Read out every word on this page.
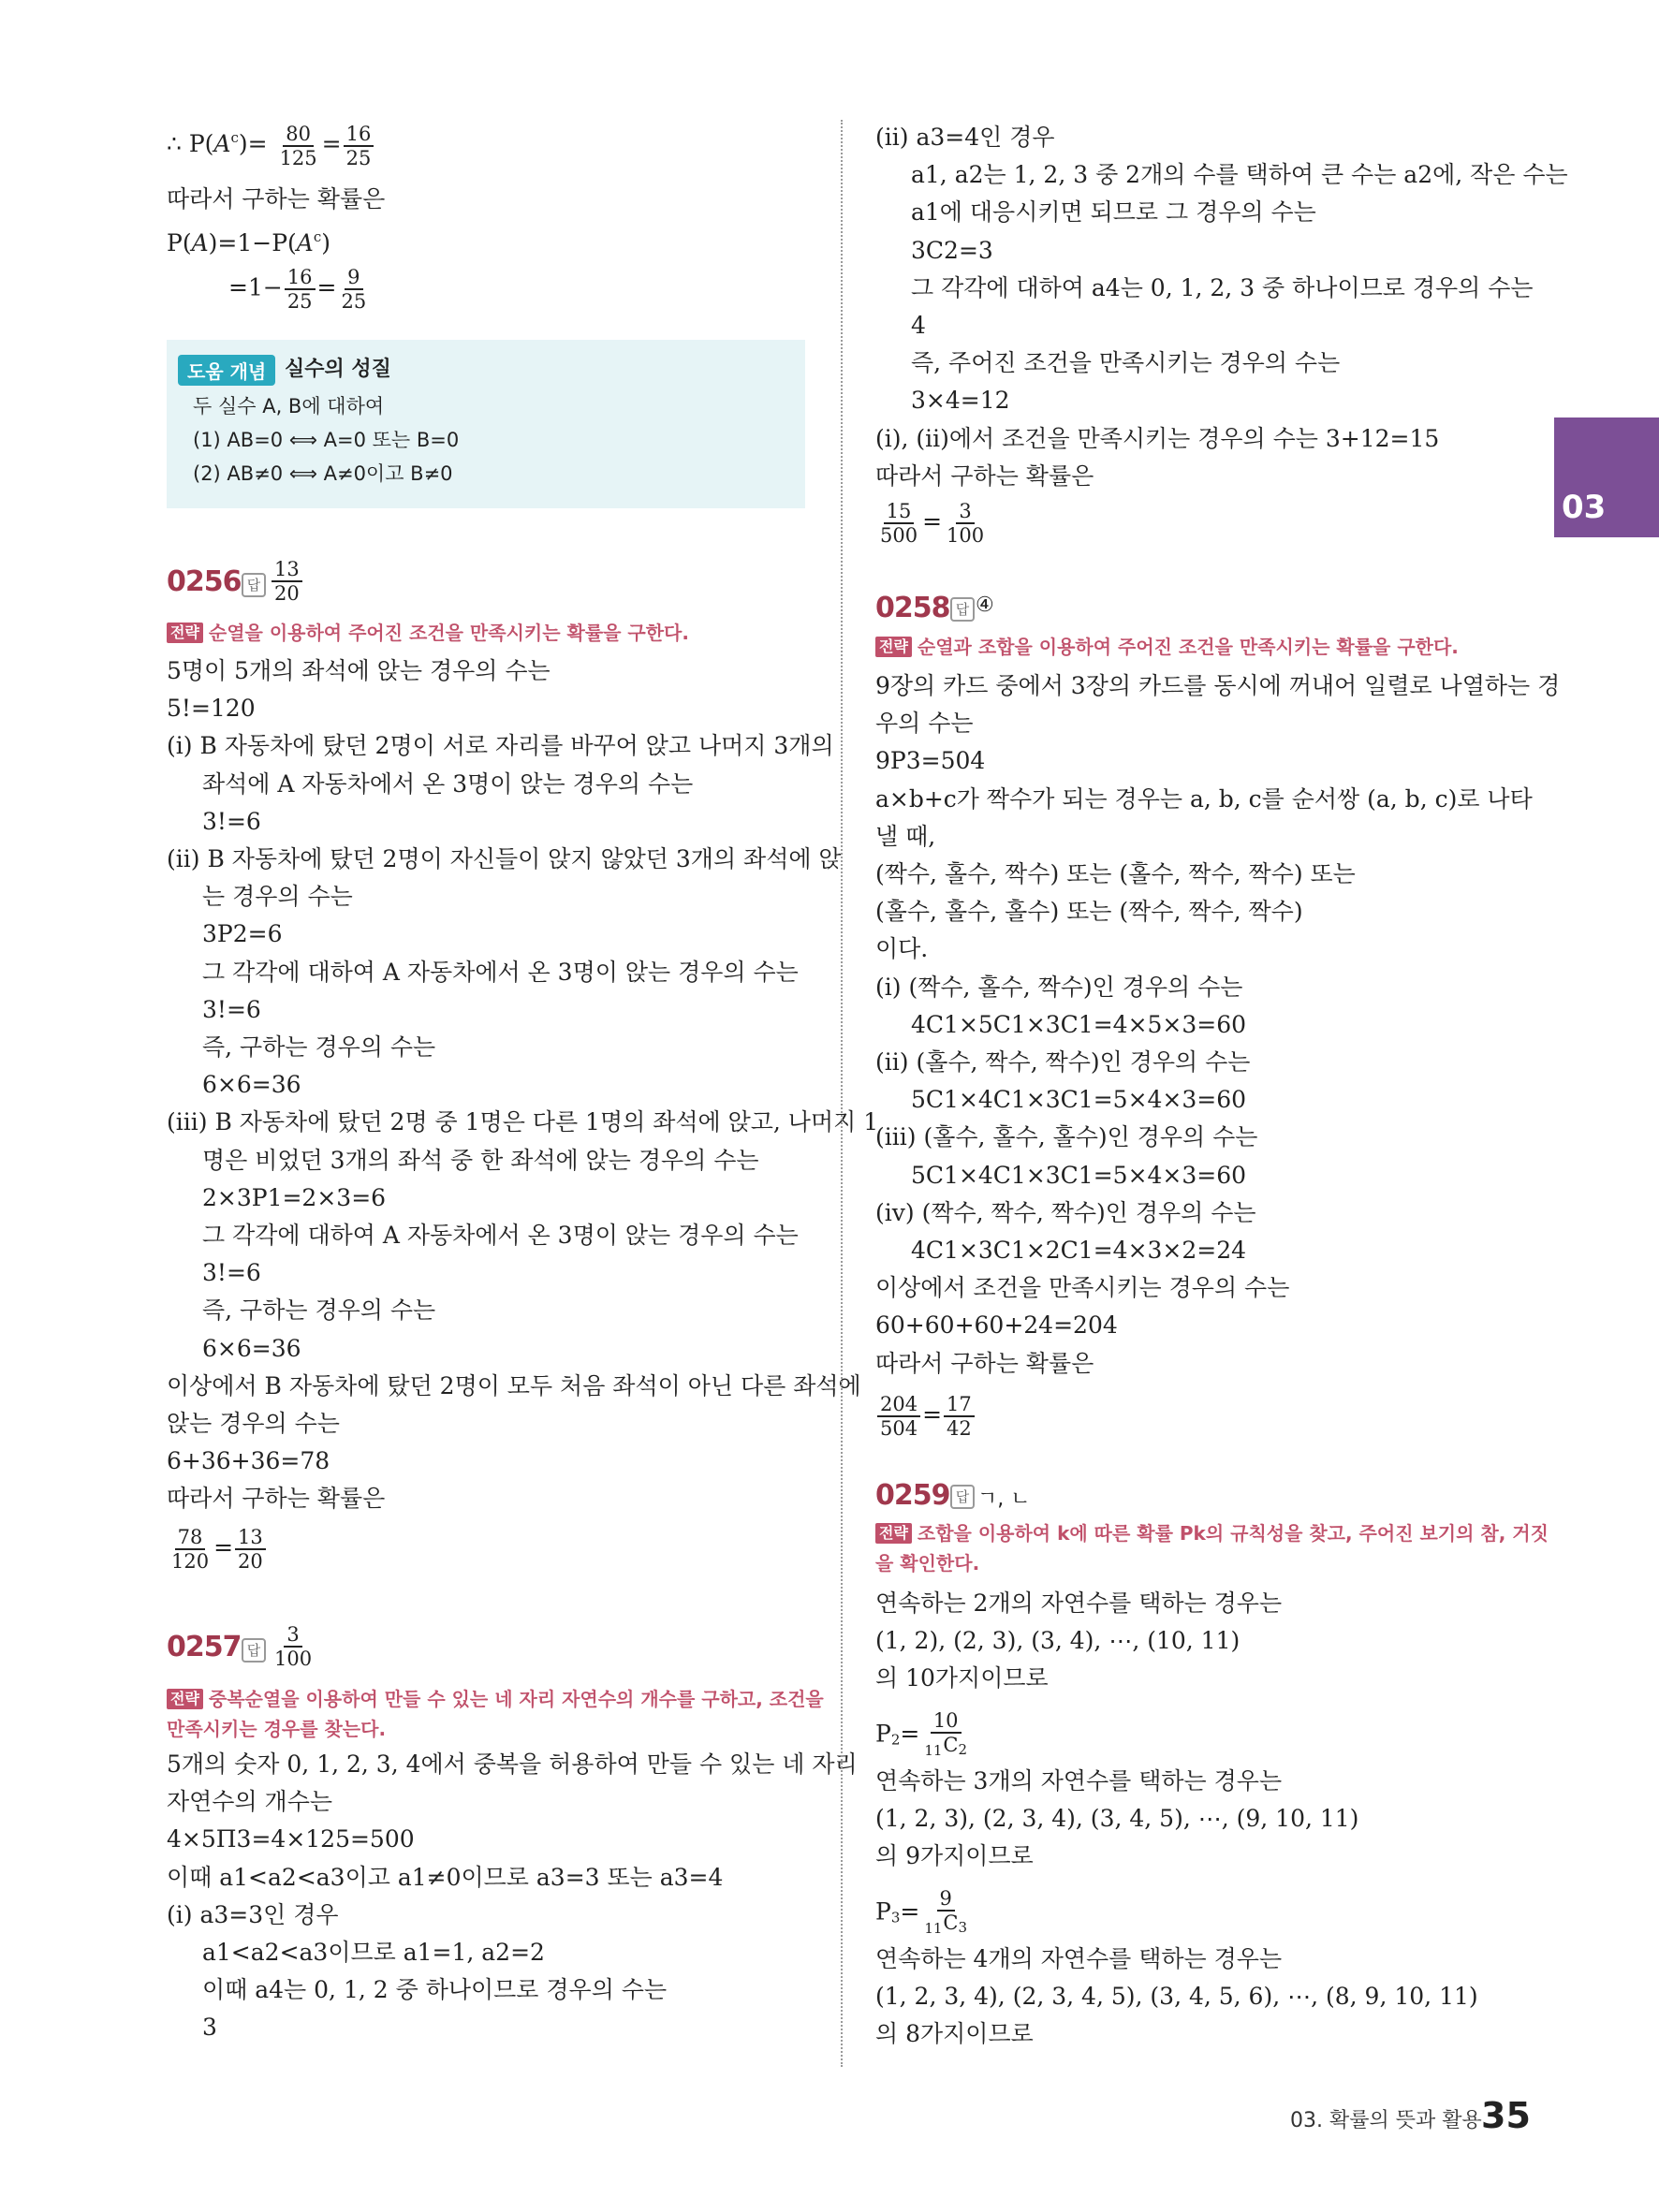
∴ $P(A^c)= \frac{80}{125} = \frac{16}{25}$
따라서 구하는 확률은
$P(A)=1-P(A^c)$
$=1- \frac{16}{25} = \frac{9}{25}$
도움 개념 실수의 성질
두 실수 A, B에 대하여
(1) AB=0 ⟺ A=0 또는 B=0
(2) AB≠0 ⟺ A≠0이고 B≠0
0256 답 $\frac{13}{20}$
전략 순열을 이용하여 주어진 조건을 만족시키는 확률을 구한다.
5명이 5개의 좌석에 앉는 경우의 수는
5!=120
(ⅰ) B 자동차에 탔던 2명이 서로 자리를 바꾸어 앉고 나머지 3개의
좌석에 A 자동차에서 온 3명이 앉는 경우의 수는
3!=6
(ⅱ) B 자동차에 탔던 2명이 자신들이 앉지 않았던 3개의 좌석에 앉
는 경우의 수는
3P2=6
그 각각에 대하여 A 자동차에서 온 3명이 앉는 경우의 수는
3!=6
즉, 구하는 경우의 수는
6×6=36
(ⅲ) B 자동차에 탔던 2명 중 1명은 다른 1명의 좌석에 앉고, 나머지 1
명은 비었던 3개의 좌석 중 한 좌석에 앉는 경우의 수는
2×3P1=2×3=6
그 각각에 대하여 A 자동차에서 온 3명이 앉는 경우의 수는
3!=6
즉, 구하는 경우의 수는
6×6=36
이상에서 B 자동차에 탔던 2명이 모두 처음 좌석이 아닌 다른 좌석에
앉는 경우의 수는
6+36+36=78
따라서 구하는 확률은
$\frac{78}{120} = \frac{13}{20}$
0257 답 $\frac{3}{100}$
전략 중복순열을 이용하여 만들 수 있는 네 자리 자연수의 개수를 구하고, 조건을
만족시키는 경우를 찾는다.
5개의 숫자 0, 1, 2, 3, 4에서 중복을 허용하여 만들 수 있는 네 자리
자연수의 개수는
4×5Π3=4×125=500
이때 a1<a2<a3이고 a1≠0이므로 a3=3 또는 a3=4
(ⅰ) a3=3인 경우
a1<a2<a3이므로 a1=1, a2=2
이때 a4는 0, 1, 2 중 하나이므로 경우의 수는
3
(ⅱ) a3=4인 경우
a1, a2는 1, 2, 3 중 2개의 수를 택하여 큰 수는 a2에, 작은 수는
a1에 대응시키면 되므로 그 경우의 수는
3C2=3
그 각각에 대하여 a4는 0, 1, 2, 3 중 하나이므로 경우의 수는
4
즉, 주어진 조건을 만족시키는 경우의 수는
3×4=12
(ⅰ), (ⅱ)에서 조건을 만족시키는 경우의 수는 3+12=15
따라서 구하는 확률은
$\frac{15}{500} = \frac{3}{100}$
0258 답 ④
전략 순열과 조합을 이용하여 주어진 조건을 만족시키는 확률을 구한다.
9장의 카드 중에서 3장의 카드를 동시에 꺼내어 일렬로 나열하는 경
우의 수는
9P3=504
a×b+c가 짝수가 되는 경우는 a, b, c를 순서쌍 (a, b, c)로 나타
낼 때,
(짝수, 홀수, 짝수) 또는 (홀수, 짝수, 짝수) 또는
(홀수, 홀수, 홀수) 또는 (짝수, 짝수, 짝수)
이다.
(ⅰ) (짝수, 홀수, 짝수)인 경우의 수는
4C1×5C1×3C1=4×5×3=60
(ⅱ) (홀수, 짝수, 짝수)인 경우의 수는
5C1×4C1×3C1=5×4×3=60
(ⅲ) (홀수, 홀수, 홀수)인 경우의 수는
5C1×4C1×3C1=5×4×3=60
(ⅳ) (짝수, 짝수, 짝수)인 경우의 수는
4C1×3C1×2C1=4×3×2=24
이상에서 조건을 만족시키는 경우의 수는
60+60+60+24=204
따라서 구하는 확률은
$\frac{204}{504} = \frac{17}{42}$
0259 답 ㄱ, ㄴ
전략 조합을 이용하여 k에 따른 확률 Pk의 규칙성을 찾고, 주어진 보기의 참, 거짓
을 확인한다.
연속하는 2개의 자연수를 택하는 경우는
(1, 2), (2, 3), (3, 4), ⋯, (10, 11)
의 10가지이므로
$P_2= \frac{10}{11C_2}$
연속하는 3개의 자연수를 택하는 경우는
(1, 2, 3), (2, 3, 4), (3, 4, 5), ⋯, (9, 10, 11)
의 9가지이므로
$P_3= \frac{9}{11C_3}$
연속하는 4개의 자연수를 택하는 경우는
(1, 2, 3, 4), (2, 3, 4, 5), (3, 4, 5, 6), ⋯, (8, 9, 10, 11)
의 8가지이므로
03
03. 확률의 뜻과 활용 35
